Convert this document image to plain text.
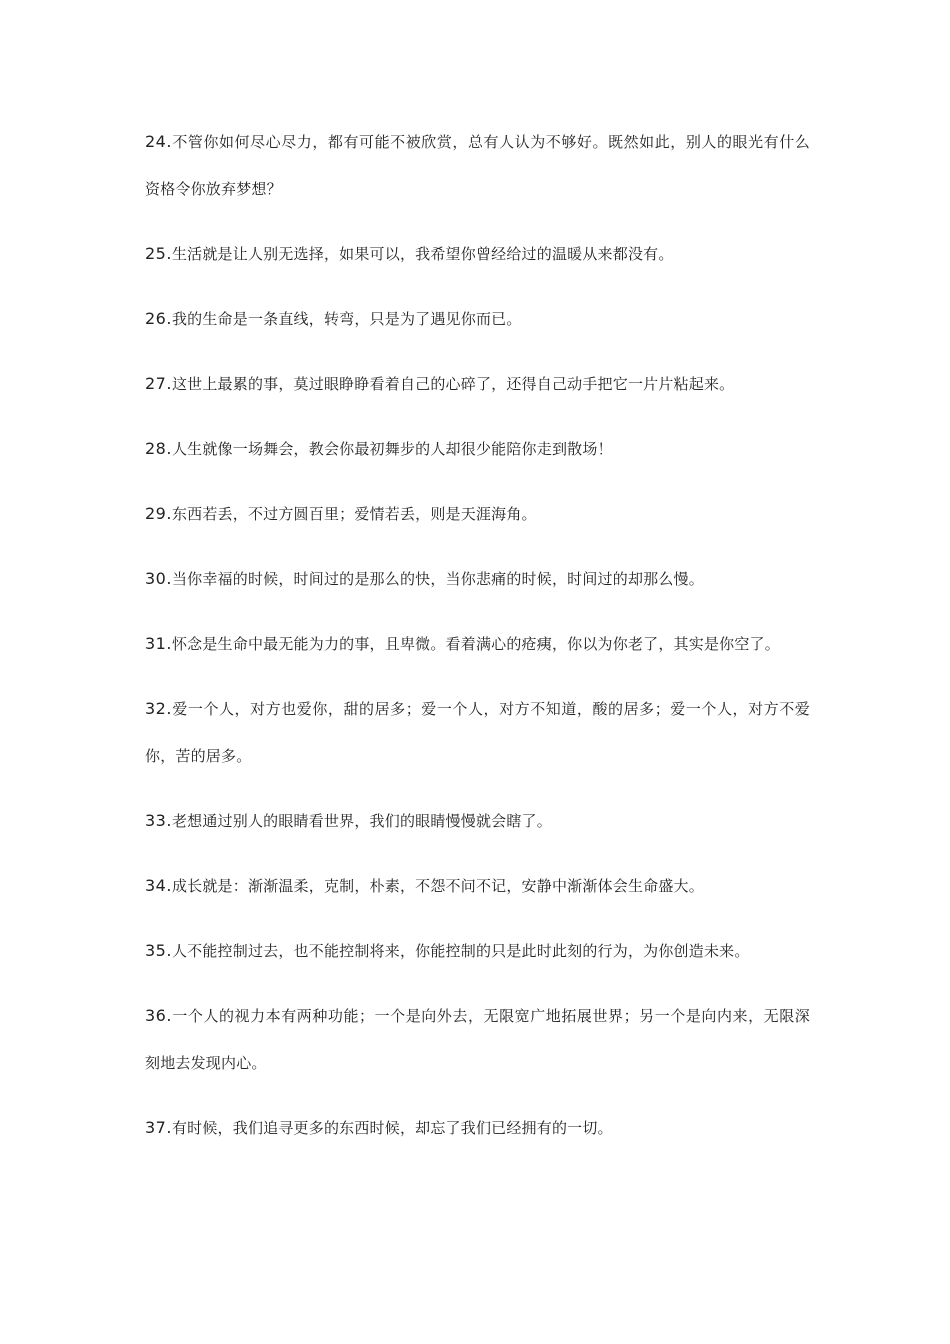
24.不管你如何尽心尽力，都有可能不被欣赏，总有人认为不够好。既然如此，别人的眼光有什么资格令你放弃梦想？

25.生活就是让人别无选择，如果可以，我希望你曾经给过的温暖从来都没有。

26.我的生命是一条直线，转弯，只是为了遇见你而已。

27.这世上最累的事，莫过眼睁睁看着自己的心碎了，还得自己动手把它一片片粘起来。

28.人生就像一场舞会，教会你最初舞步的人却很少能陪你走到散场！

29.东西若丢，不过方圆百里；爱情若丢，则是天涯海角。

30.当你幸福的时候，时间过的是那么的快，当你悲痛的时候，时间过的却那么慢。

31.怀念是生命中最无能为力的事，且卑微。看着满心的疮痍，你以为你老了，其实是你空了。

32.爱一个人，对方也爱你，甜的居多；爱一个人，对方不知道，酸的居多；爱一个人，对方不爱你，苦的居多。

33.老想通过别人的眼睛看世界，我们的眼睛慢慢就会瞎了。

34.成长就是：渐渐温柔，克制，朴素，不怨不问不记，安静中渐渐体会生命盛大。

35.人不能控制过去，也不能控制将来，你能控制的只是此时此刻的行为，为你创造未来。

36.一个人的视力本有两种功能；一个是向外去，无限宽广地拓展世界；另一个是向内来，无限深刻地去发现内心。

37.有时候，我们追寻更多的东西时候，却忘了我们已经拥有的一切。
